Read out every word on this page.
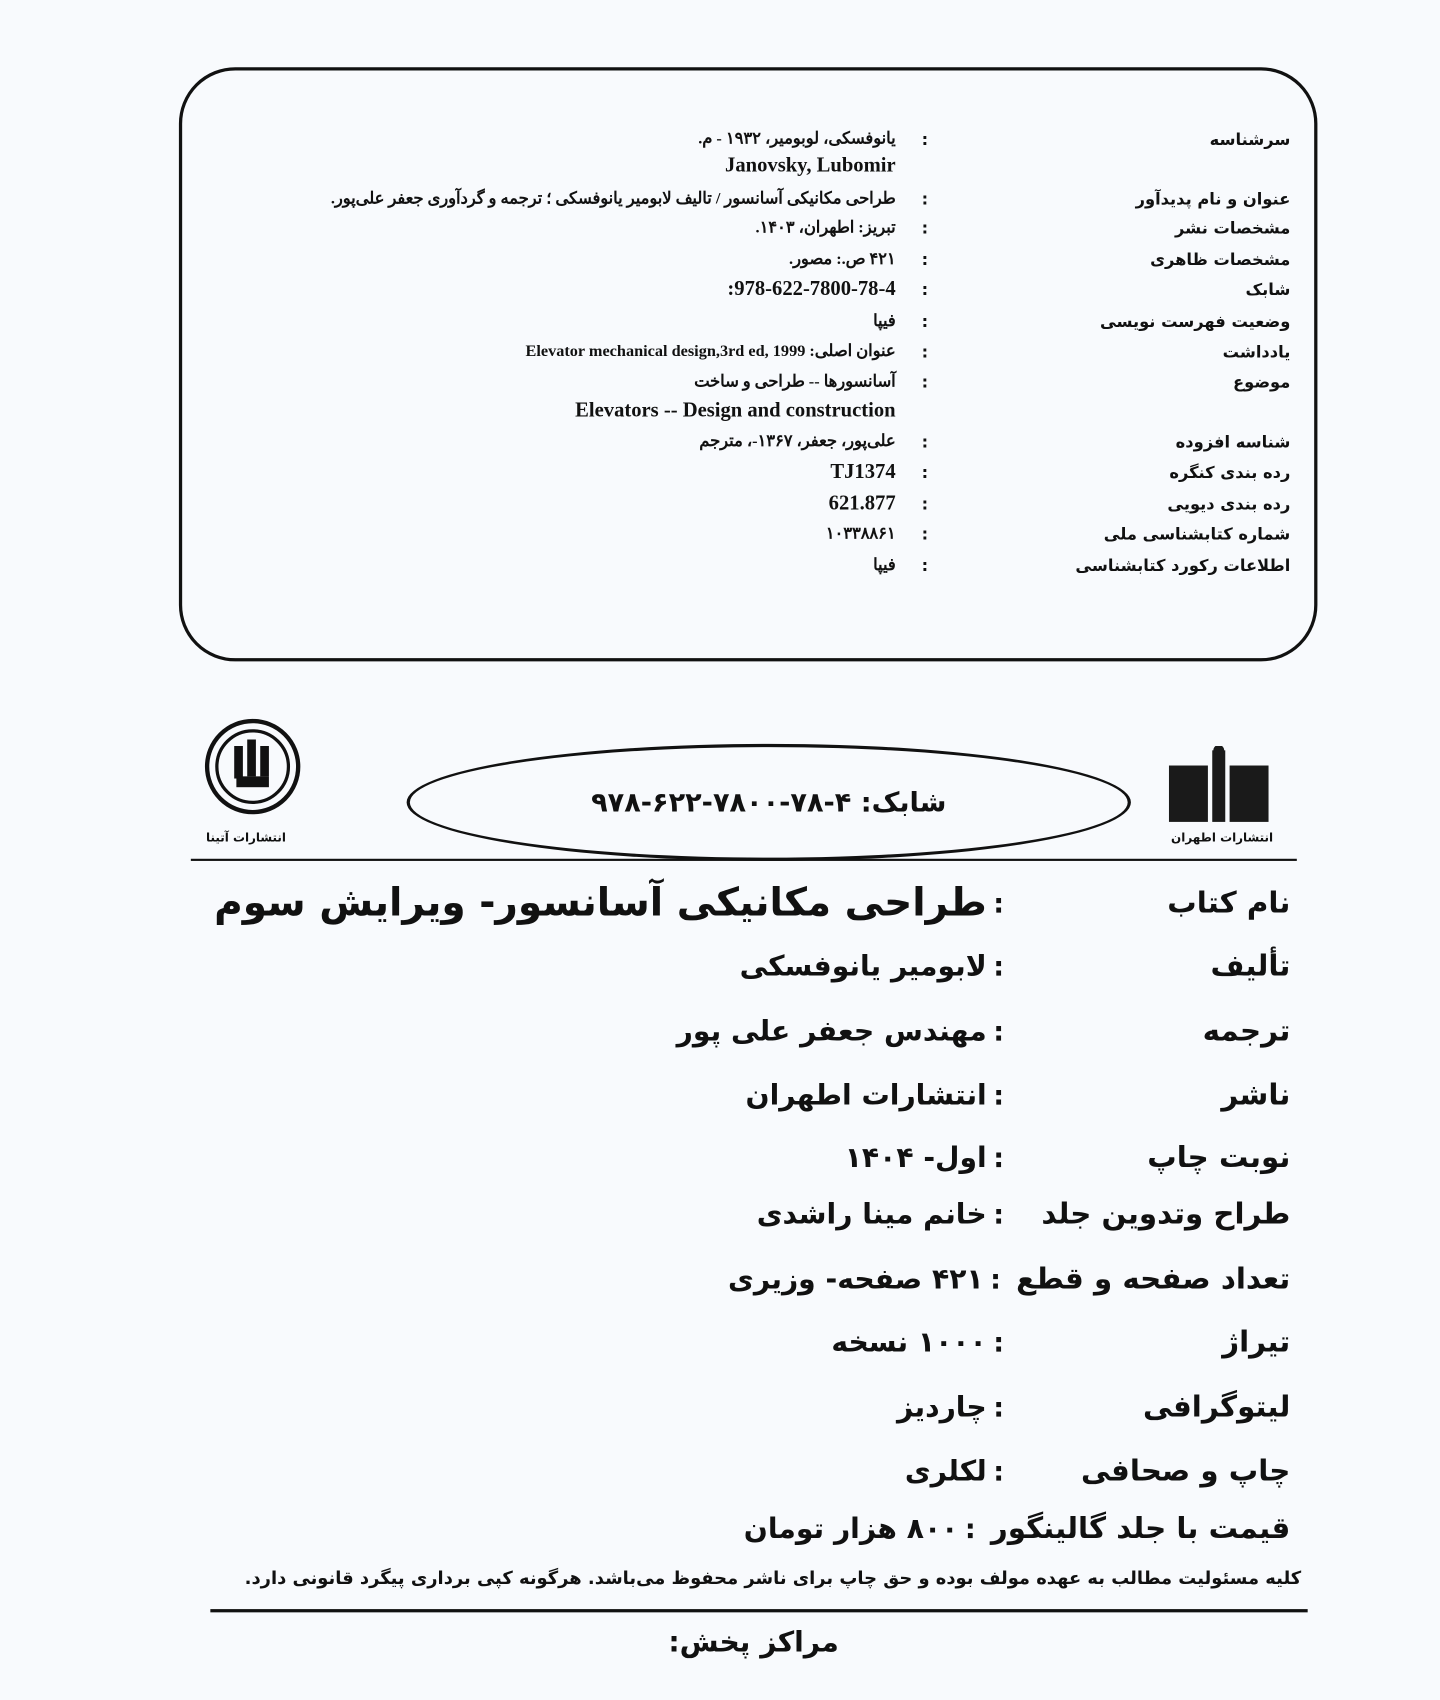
سرشناسه
:
یانوفسکی، لوبومیر، ۱۹۳۲ - م.
Janovsky, Lubomir
عنوان و نام پدیدآور
:
طراحی مکانیکی آسانسور / تالیف لابومیر یانوفسکی ؛ ترجمه و گردآوری جعفر علی‌پور.
مشخصات نشر
:
تبریز: اطهران، ۱۴۰۳.
مشخصات ظاهری
:
۴۲۱ ص.: مصور.
شابک
:
:978-622-7800-78-4
وضعیت فهرست نویسی
:
فیپا
یادداشت
:
عنوان اصلی: Elevator mechanical design,3rd ed, 1999
موضوع
:
آسانسورها -- طراحی و ساخت
Elevators -- Design and construction
شناسه افزوده
:
علی‌پور، جعفر، ۱۳۶۷-، مترجم
رده بندی کنگره
:
TJ1374
رده بندی دیویی
:
621.877
شماره کتابشناسی ملی
:
۱۰۳۳۸۸۶۱
اطلاعات رکورد کتابشناسی
:
فیپا
انتشارات آتینا	انتشارات اطهران
شابک: ۴-۷۸-۷۸۰۰-۶۲۲-۹۷۸
نام کتاب
:
طراحی مکانیکی آسانسور- ویرایش سوم
تألیف
:
لابومیر یانوفسکی
ترجمه
:
مهندس جعفر علی پور
ناشر
:
انتشارات اطهران
نوبت چاپ
:
اول- ۱۴۰۴
طراح وتدوین جلد
:
خانم مینا راشدی
تعداد صفحه و قطع
:
۴۲۱ صفحه- وزیری
تیراژ
:
۱۰۰۰ نسخه
لیتوگرافی
:
چاردیز
چاپ و صحافی
:
لکلری
قیمت با جلد گالینگور
:
۸۰۰ هزار تومان
کلیه مسئولیت مطالب به عهده مولف بوده و حق چاپ برای ناشر محفوظ می‌باشد. هرگونه کپی برداری پیگرد قانونی دارد.
مراکز پخش:
